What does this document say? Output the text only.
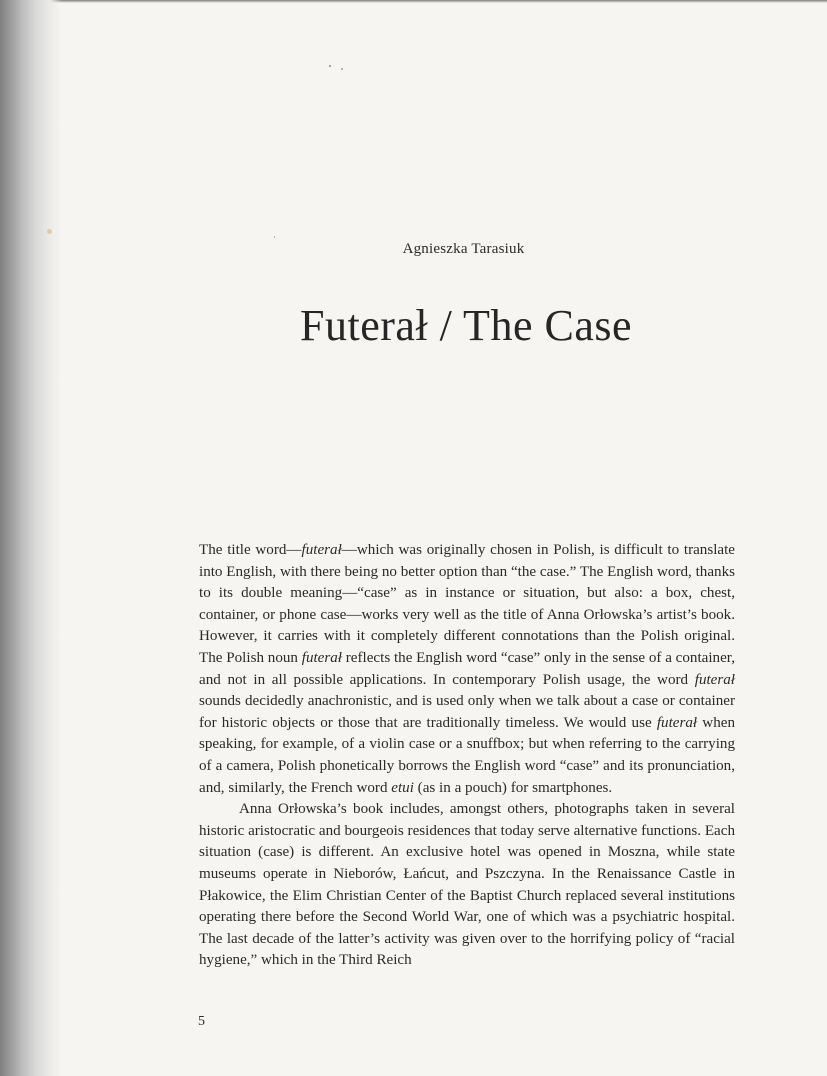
Agnieszka Tarasiuk
Futerał / The Case

The title word—futerał—which was originally chosen in Polish, is difficult to translate into English, with there being no better option than “the case.” The English word, thanks to its double meaning—“case” as in instance or situation, but also: a box, chest, container, or phone case—works very well as the title of Anna Orłowska’s artist’s book. However, it carries with it completely different connotations than the Polish original. The Polish noun futerał reflects the English word “case” only in the sense of a container, and not in all possible applications. In contemporary Polish usage, the word futerał sounds decidedly anachronistic, and is used only when we talk about a case or container for historic objects or those that are traditionally timeless. We would use futerał when speaking, for example, of a violin case or a snuffbox; but when referring to the carrying of a camera, Polish phonetically borrows the English word “case” and its pronunciation, and, similarly, the French word etui (as in a pouch) for smartphones.

Anna Orłowska’s book includes, amongst others, photographs taken in several historic aristocratic and bourgeois residences that today serve alternative functions. Each situation (case) is different. An exclusive hotel was opened in Moszna, while state museums operate in Nieborów, Łańcut, and Pszczyna. In the Renaissance Castle in Płakowice, the Elim Christian Center of the Baptist Church replaced several institutions operating there before the Second World War, one of which was a psychiatric hospital. The last decade of the latter’s activity was given over to the horrifying policy of “racial hygiene,” which in the Third Reich

5
